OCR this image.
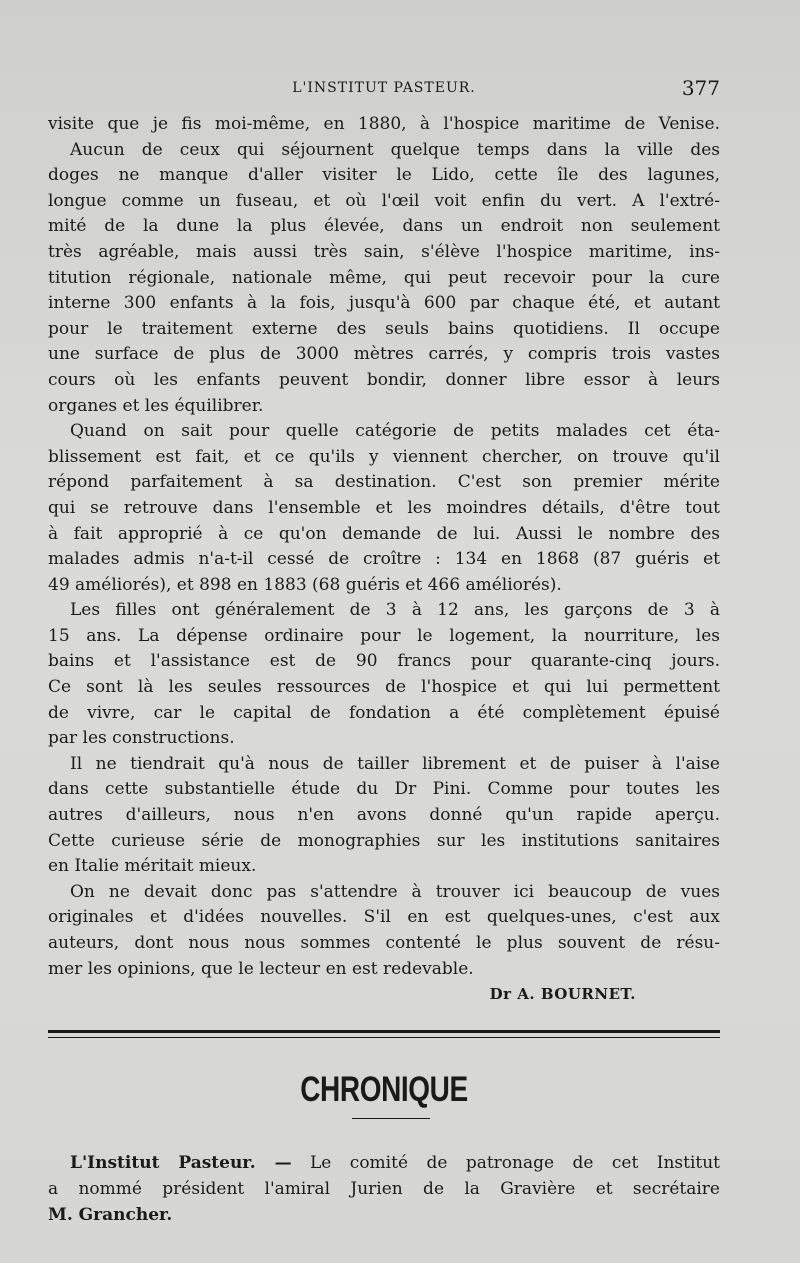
L'INSTITUT PASTEUR.	377
visite que je fis moi-même, en 1880, à l'hospice maritime de Venise.
Aucun de ceux qui séjournent quelque temps dans la ville des
doges ne manque d'aller visiter le Lido, cette île des lagunes,
longue comme un fuseau, et où l'œil voit enfin du vert. A l'extré-
mité de la dune la plus élevée, dans un endroit non seulement
très agréable, mais aussi très sain, s'élève l'hospice maritime, ins-
titution régionale, nationale même, qui peut recevoir pour la cure
interne 300 enfants à la fois, jusqu'à 600 par chaque été, et autant
pour le traitement externe des seuls bains quotidiens. Il occupe
une surface de plus de 3000 mètres carrés, y compris trois vastes
cours où les enfants peuvent bondir, donner libre essor à leurs
organes et les équilibrer.
Quand on sait pour quelle catégorie de petits malades cet éta-
blissement est fait, et ce qu'ils y viennent chercher, on trouve qu'il
répond parfaitement à sa destination. C'est son premier mérite
qui se retrouve dans l'ensemble et les moindres détails, d'être tout
à fait approprié à ce qu'on demande de lui. Aussi le nombre des
malades admis n'a-t-il cessé de croître : 134 en 1868 (87 guéris et
49 améliorés), et 898 en 1883 (68 guéris et 466 améliorés).
Les filles ont généralement de 3 à 12 ans, les garçons de 3 à
15 ans. La dépense ordinaire pour le logement, la nourriture, les
bains et l'assistance est de 90 francs pour quarante-cinq jours.
Ce sont là les seules ressources de l'hospice et qui lui permettent
de vivre, car le capital de fondation a été complètement épuisé
par les constructions.
Il ne tiendrait qu'à nous de tailler librement et de puiser à l'aise
dans cette substantielle étude du Dr Pini. Comme pour toutes les
autres d'ailleurs, nous n'en avons donné qu'un rapide aperçu.
Cette curieuse série de monographies sur les institutions sanitaires
en Italie méritait mieux.
On ne devait donc pas s'attendre à trouver ici beaucoup de vues
originales et d'idées nouvelles. S'il en est quelques-unes, c'est aux
auteurs, dont nous nous sommes contenté le plus souvent de résu-
mer les opinions, que le lecteur en est redevable.
Dr A. BOURNET.
CHRONIQUE
L'Institut Pasteur. — Le comité de patronage de cet Institut
a nommé président l'amiral Jurien de la Gravière et secrétaire
M. Grancher.
